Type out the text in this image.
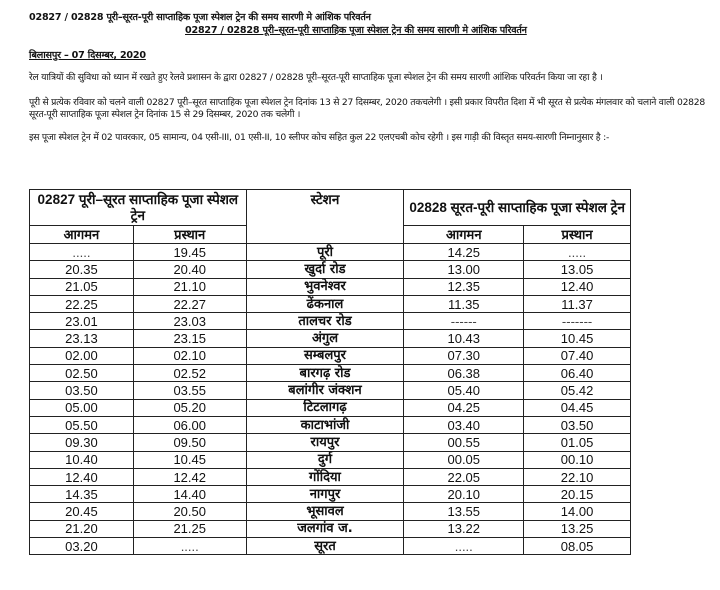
02827 / 02828 पूरी–सूरत-पूरी साप्ताहिक पूजा स्पेशल ट्रेन की समय सारणी मे आंशिक परिवर्तन
02827 / 02828 पूरी–सूरत-पूरी साप्ताहिक पूजा स्पेशल ट्रेन की समय सारणी मे आंशिक परिवर्तन
बिलासपुर – 07 दिसम्बर, 2020
रेल यात्रियों की सुविधा को ध्यान में रखते हुए रेलवे प्रशासन के द्वारा 02827 / 02828 पूरी–सूरत-पूरी साप्ताहिक पूजा स्पेशल ट्रेन की समय सारणी आंशिक परिवर्तन किया जा रहा है ।
पूरी से प्रत्येक रविवार को चलने वाली 02827 पूरी–सूरत साप्ताहिक पूजा स्पेशल ट्रेन दिनांक 13 से 27 दिसम्बर, 2020 तकचलेगी । इसी प्रकार विपरीत दिशा में भी सूरत से प्रत्येक मंगलवार को चलाने वाली 02828 सूरत-पूरी साप्ताहिक पूजा स्पेशल ट्रेन दिनांक 15 से 29 दिसम्बर, 2020 तक चलेगी ।
इस पूजा स्पेशल ट्रेन में 02 पावरकार, 05 सामान्य, 04 एसी-III, 01 एसी-II, 10 स्लीपर कोच सहित कुल 22 एलएचबी कोच रहेगी । इस गाड़ी की विस्तृत समय-सारणी निम्नानुसार है :-
02827 पूरी–सूरत साप्ताहिक पूजा स्पेशल ट्रेन		स्टेशन	02828 सूरत-पूरी साप्ताहिक पूजा स्पेशल ट्रेन	
आगमन	प्रस्थान		आगमन	प्रस्थान
.....	19.45	पूरी	14.25	.....
20.35	20.40	खुर्दा रोड	13.00	13.05
21.05	21.10	भुवनेश्वर	12.35	12.40
22.25	22.27	ढेंकनाल	11.35	11.37
23.01	23.03	तालचर रोड	------	-------
23.13	23.15	अंगुल	10.43	10.45
02.00	02.10	सम्बलपुर	07.30	07.40
02.50	02.52	बारगढ़ रोड	06.38	06.40
03.50	03.55	बलांगीर जंक्शन	05.40	05.42
05.00	05.20	टिटलागढ़	04.25	04.45
05.50	06.00	काटाभांजी	03.40	03.50
09.30	09.50	रायपुर	00.55	01.05
10.40	10.45	दुर्ग	00.05	00.10
12.40	12.42	गोंदिया	22.05	22.10
14.35	14.40	नागपुर	20.10	20.15
20.45	20.50	भूसावल	13.55	14.00
21.20	21.25	जलगांव ज.	13.22	13.25
03.20	.....	सूरत	.....	08.05
